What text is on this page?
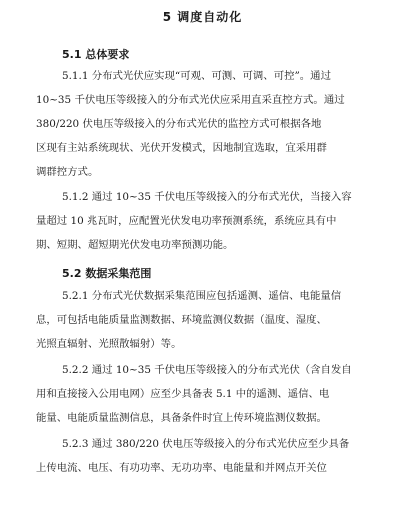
5 调度自动化
5.1 总体要求
5.1.1 分布式光伏应实现“可观、可测、可调、可控”。通过
10~35 千伏电压等级接入的分布式光伏应采用直采直控方式。通过
380/220 伏电压等级接入的分布式光伏的监控方式可根据各地
区现有主站系统现状、光伏开发模式，因地制宜选取，宜采用群
调群控方式。
5.1.2 通过 10~35 千伏电压等级接入的分布式光伏，当接入容
量超过 10 兆瓦时，应配置光伏发电功率预测系统，系统应具有中
期、短期、超短期光伏发电功率预测功能。
5.2 数据采集范围
5.2.1 分布式光伏数据采集范围应包括遥测、遥信、电能量信
息，可包括电能质量监测数据、环境监测仪数据（温度、湿度、
光照直辐射、光照散辐射）等。
5.2.2 通过 10~35 千伏电压等级接入的分布式光伏（含自发自
用和直接接入公用电网）应至少具备表 5.1 中的遥测、遥信、电
能量、电能质量监测信息，具备条件时宜上传环境监测仪数据。
5.2.3 通过 380/220 伏电压等级接入的分布式光伏应至少具备
上传电流、电压、有功功率、无功功率、电能量和并网点开关位
